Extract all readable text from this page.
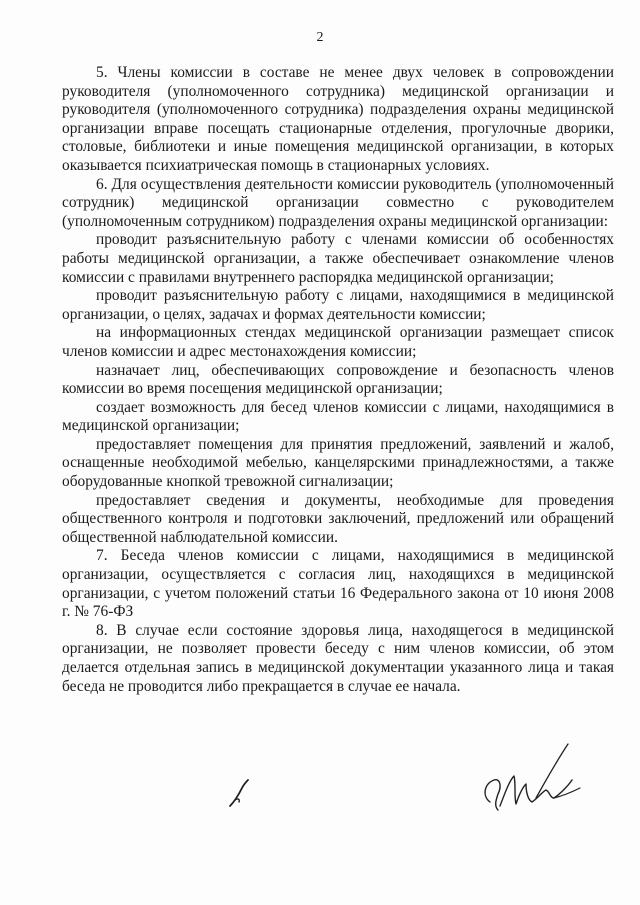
2

5. Члены комиссии в составе не менее двух человек в сопровождении руководителя (уполномоченного сотрудника) медицинской организации и руководителя (уполномоченного сотрудника) подразделения охраны медицинской организации вправе посещать стационарные отделения, прогулочные дворики, столовые, библиотеки и иные помещения медицинской организации, в которых оказывается психиатрическая помощь в стационарных условиях.

6. Для осуществления деятельности комиссии руководитель (уполномоченный сотрудник) медицинской организации совместно с руководителем (уполномоченным сотрудником) подразделения охраны медицинской организации:

проводит разъяснительную работу с членами комиссии об особенностях работы медицинской организации, а также обеспечивает ознакомление членов комиссии с правилами внутреннего распорядка медицинской организации;

проводит разъяснительную работу с лицами, находящимися в медицинской организации, о целях, задачах и формах деятельности комиссии;

на информационных стендах медицинской организации размещает список членов комиссии и адрес местонахождения комиссии;

назначает лиц, обеспечивающих сопровождение и безопасность членов комиссии во время посещения медицинской организации;

создает возможность для бесед членов комиссии с лицами, находящимися в медицинской организации;

предоставляет помещения для принятия предложений, заявлений и жалоб, оснащенные необходимой мебелью, канцелярскими принадлежностями, а также оборудованные кнопкой тревожной сигнализации;

предоставляет сведения и документы, необходимые для проведения общественного контроля и подготовки заключений, предложений или обращений общественной наблюдательной комиссии.

7. Беседа членов комиссии с лицами, находящимися в медицинской организации, осуществляется с согласия лиц, находящихся в медицинской организации, с учетом положений статьи 16 Федерального закона от 10 июня 2008 г. № 76-ФЗ

8. В случае если состояние здоровья лица, находящегося в медицинской организации, не позволяет провести беседу с ним членов комиссии, об этом делается отдельная запись в медицинской документации указанного лица и такая беседа не проводится либо прекращается в случае ее начала.
